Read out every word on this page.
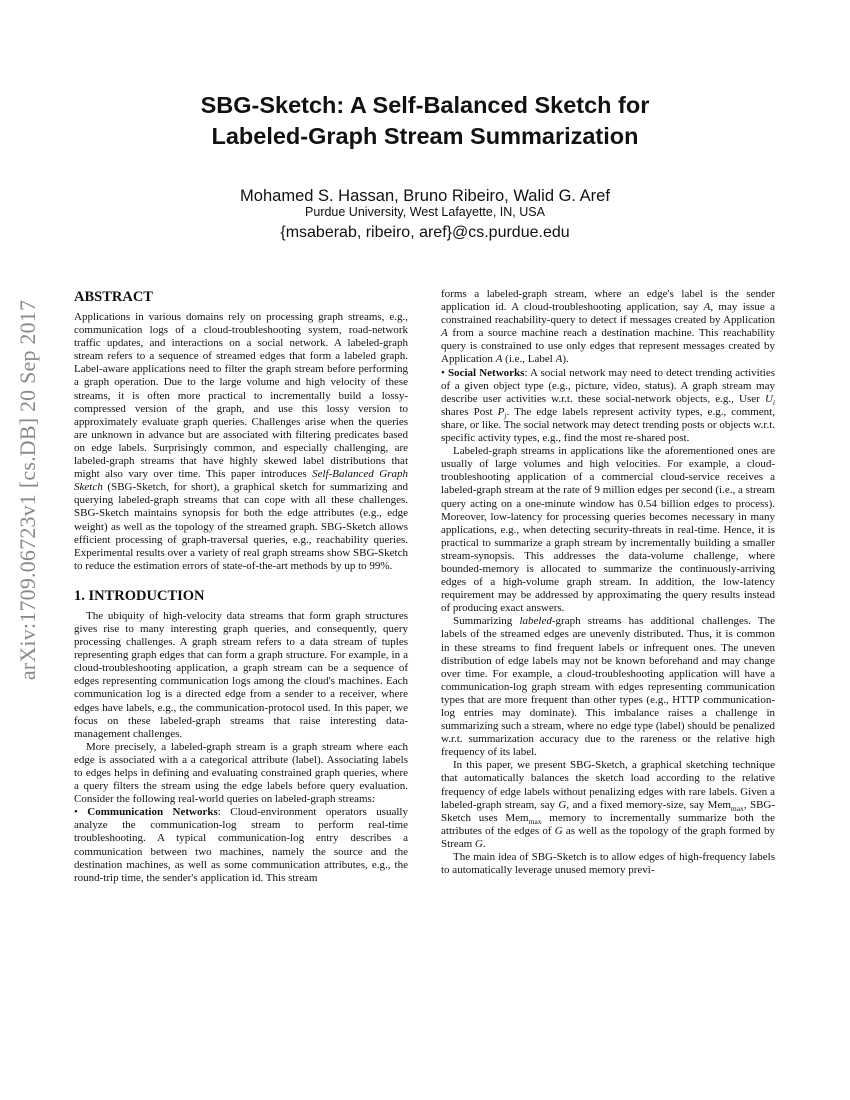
SBG-Sketch: A Self-Balanced Sketch for
Labeled-Graph Stream Summarization
Mohamed S. Hassan, Bruno Ribeiro, Walid G. Aref
Purdue University, West Lafayette, IN, USA
{msaberab, ribeiro, aref}@cs.purdue.edu
arXiv:1709.06723v1 [cs.DB] 20 Sep 2017
ABSTRACT

Applications in various domains rely on processing graph streams, e.g., communication logs of a cloud-troubleshooting system, road-network traffic updates, and interactions on a social network. A labeled-graph stream refers to a sequence of streamed edges that form a labeled graph. Label-aware applications need to filter the graph stream before performing a graph operation. Due to the large volume and high velocity of these streams, it is often more practical to incrementally build a lossy-compressed version of the graph, and use this lossy version to approximately evaluate graph queries. Challenges arise when the queries are unknown in advance but are associated with filtering predicates based on edge labels. Surprisingly common, and especially challenging, are labeled-graph streams that have highly skewed label distributions that might also vary over time. This paper introduces Self-Balanced Graph Sketch (SBG-Sketch, for short), a graphical sketch for summarizing and querying labeled-graph streams that can cope with all these challenges. SBG-Sketch maintains synopsis for both the edge attributes (e.g., edge weight) as well as the topology of the streamed graph. SBG-Sketch allows efficient processing of graph-traversal queries, e.g., reachability queries. Experimental results over a variety of real graph streams show SBG-Sketch to reduce the estimation errors of state-of-the-art methods by up to 99%.

1. INTRODUCTION

The ubiquity of high-velocity data streams that form graph structures gives rise to many interesting graph queries, and consequently, query processing challenges. A graph stream refers to a data stream of tuples representing graph edges that can form a graph structure. For example, in a cloud-troubleshooting application, a graph stream can be a sequence of edges representing communication logs among the cloud's machines. Each communication log is a directed edge from a sender to a receiver, where edges have labels, e.g., the communication-protocol used. In this paper, we focus on these labeled-graph streams that raise interesting data-management challenges.

More precisely, a labeled-graph stream is a graph stream where each edge is associated with a a categorical attribute (label). Associating labels to edges helps in defining and evaluating constrained graph queries, where a query filters the stream using the edge labels before query evaluation. Consider the following real-world queries on labeled-graph streams:

• Communication Networks: Cloud-environment operators usually analyze the communication-log stream to perform real-time troubleshooting. A typical communication-log entry describes a communication between two machines, namely the source and the destination machines, as well as some communication attributes, e.g., the round-trip time, the sender's application id. This stream

forms a labeled-graph stream, where an edge's label is the sender application id. A cloud-troubleshooting application, say A, may issue a constrained reachability-query to detect if messages created by Application A from a source machine reach a destination machine. This reachability query is constrained to use only edges that represent messages created by Application A (i.e., Label A).

• Social Networks: A social network may need to detect trending activities of a given object type (e.g., picture, video, status). A graph stream may describe user activities w.r.t. these social-network objects, e.g., User $U_i$ shares Post $P_j$. The edge labels represent activity types, e.g., comment, share, or like. The social network may detect trending posts or objects w.r.t. specific activity types, e.g., find the most re-shared post.

Labeled-graph streams in applications like the aforementioned ones are usually of large volumes and high velocities. For example, a cloud-troubleshooting application of a commercial cloud-service receives a labeled-graph stream at the rate of 9 million edges per second (i.e., a stream query acting on a one-minute window has 0.54 billion edges to process). Moreover, low-latency for processing queries becomes necessary in many applications, e.g., when detecting security-threats in real-time. Hence, it is practical to summarize a graph stream by incrementally building a smaller stream-synopsis. This addresses the data-volume challenge, where bounded-memory is allocated to summarize the continuously-arriving edges of a high-volume graph stream. In addition, the low-latency requirement may be addressed by approximating the query results instead of producing exact answers.

Summarizing labeled-graph streams has additional challenges. The labels of the streamed edges are unevenly distributed. Thus, it is common in these streams to find frequent labels or infrequent ones. The uneven distribution of edge labels may not be known beforehand and may change over time. For example, a cloud-troubleshooting application will have a communication-log graph stream with edges representing communication types that are more frequent than other types (e.g., HTTP communication-log entries may dominate). This imbalance raises a challenge in summarizing such a stream, where no edge type (label) should be penalized w.r.t. summarization accuracy due to the rareness or the relative high frequency of its label.

In this paper, we present SBG-Sketch, a graphical sketching technique that automatically balances the sketch load according to the relative frequency of edge labels without penalizing edges with rare labels. Given a labeled-graph stream, say G, and a fixed memory-size, say Mem$_{max}$, SBG-Sketch uses Mem$_{max}$ memory to incrementally summarize both the attributes of the edges of G as well as the topology of the graph formed by Stream G.

The main idea of SBG-Sketch is to allow edges of high-frequency labels to automatically leverage unused memory previ-
